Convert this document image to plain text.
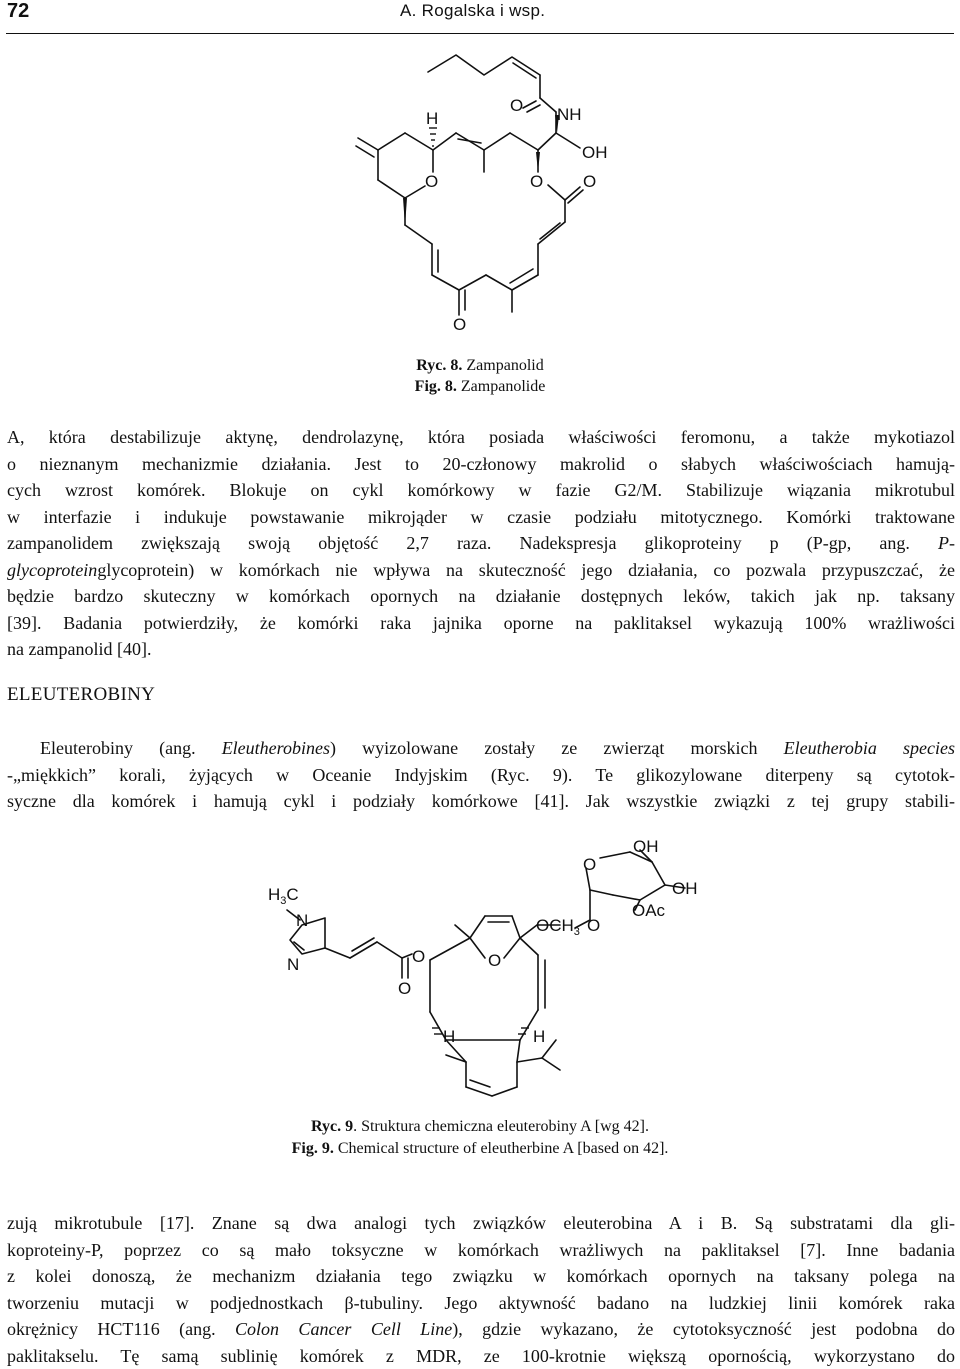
72	A. Rogalska i wsp.
H
O NH
OH
O	O O
O
Ryc. 8. Zampanolid
Fig. 8. Zampanolide
A, która destabilizuje aktynę, dendrolazynę, która posiada właściwości feromonu, a także mykotiazol
o nieznanym mechanizmie działania. Jest to 20-członowy makrolid o słabych właściwościach hamują-
cych wzrost komórek. Blokuje on cykl komórkowy w fazie G2/M. Stabilizuje wiązania mikrotubul
w interfazie i indukuje powstawanie mikrojąder w czasie podziału mitotycznego. Komórki traktowane
zampanolidem zwiększają swoją objętość 2,7 raza. Nadekspresja glikoproteiny p (P-gp, ang. P-
glycoproteinglycoprotein) w komórkach nie wpływa na skuteczność jego działania, co pozwala przypuszczać, że
będzie bardzo skuteczny w komórkach opornych na działanie dostępnych leków, takich jak np. taksany
[39]. Badania potwierdziły, że komórki raka jajnika oporne na paklitaksel wykazują 100% wrażliwości
na zampanolid [40].
ELEUTEROBINY
Eleuterobiny (ang. Eleutherobines) wyizolowane zostały ze zwierząt morskich Eleutherobia species
-„miękkich” korali, żyjących w Oceanie Indyjskim (Ryc. 9). Te glikozylowane diterpeny są cytotok-
syczne dla komórek i hamują cykl i podziały komórkowe [41]. Jak wszystkie związki z tej grupy stabili-
OH
O
OH
$H_3C$
N
N
$OCH_3$ O
OAc
O	O
O
H	H
Ryc. 9. Struktura chemiczna eleuterobiny A [wg 42].
Fig. 9. Chemical structure of eleutherbine A [based on 42].
zują mikrotubule [17]. Znane są dwa analogi tych związków eleuterobina A i B. Są substratami dla gli-
koproteiny-P, poprzez co są mało toksyczne w komórkach wrażliwych na paklitaksel [7]. Inne badania
z kolei donoszą, że mechanizm działania tego związku w komórkach opornych na taksany polega na
tworzeniu mutacji w podjednostkach β-tubuliny. Jego aktywność badano na ludzkiej linii komórek raka
okrężnicy HCT116 (ang. Colon Cancer Cell Line), gdzie wykazano, że cytotoksyczność jest podobna do
paklitakselu. Tę samą sublinię komórek z MDR, ze 100-krotnie większą opornością, wykorzystano do
